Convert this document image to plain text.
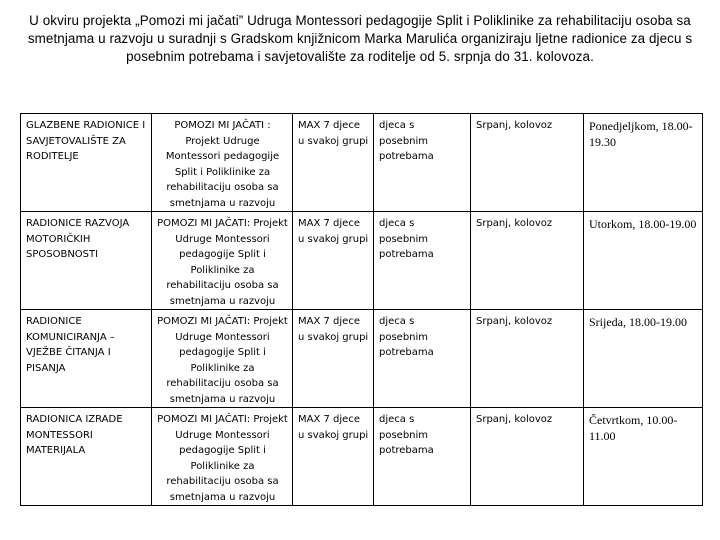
U okviru projekta „Pomozi mi jačati” Udruga Montessori pedagogije Split i Poliklinike za rehabilitaciju osoba sa smetnjama u razvoju u suradnji s Gradskom knjižnicom Marka Marulića organiziraju ljetne radionice za djecu s posebnim potrebama i savjetovalište za roditelje od 5. srpnja do 31. kolovoza.
GLAZBENE RADIONICE I SAVJETOVALIŠTE ZA RODITELJE	POMOZI MI JAČATI : Projekt Udruge Montessori pedagogije Split i Poliklinike za rehabilitaciju osoba sa smetnjama u razvoju	MAX 7 djece u svakoj grupi	djeca s posebnim potrebama	Srpanj, kolovoz	Ponedjeljkom, 18.00-19.30
RADIONICE RAZVOJA MOTORIČKIH SPOSOBNOSTI	POMOZI MI JAČATI: Projekt Udruge Montessori pedagogije Split i Poliklinike za rehabilitaciju osoba sa smetnjama u razvoju	MAX 7 djece u svakoj grupi	djeca s posebnim potrebama	Srpanj, kolovoz	Utorkom, 18.00-19.00
RADIONICE KOMUNICIRANJA – VJEŽBE ČITANJA I PISANJA	POMOZI MI JAČATI: Projekt Udruge Montessori pedagogije Split i Poliklinike za rehabilitaciju osoba sa smetnjama u razvoju	MAX 7 djece u svakoj grupi	djeca s posebnim potrebama	Srpanj, kolovoz	Srijeda, 18.00-19.00
RADIONICA IZRADE MONTESSORI MATERIJALA	POMOZI MI JAČATI: Projekt Udruge Montessori pedagogije Split i Poliklinike za rehabilitaciju osoba sa smetnjama u razvoju	MAX 7 djece u svakoj grupi	djeca s posebnim potrebama	Srpanj, kolovoz	Četvrtkom, 10.00-11.00
